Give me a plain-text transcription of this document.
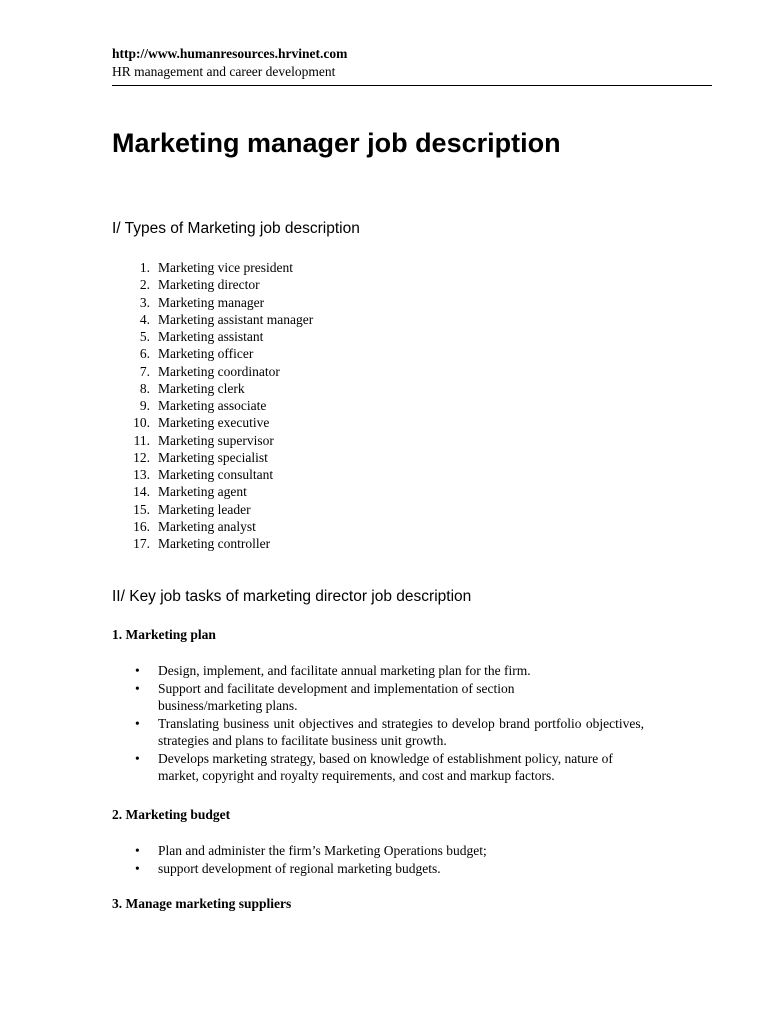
http://www.humanresources.hrvinet.com
HR management and career development
Marketing manager job description
I/ Types of Marketing job description
1. Marketing vice president
2. Marketing director
3. Marketing manager
4. Marketing assistant manager
5. Marketing assistant
6. Marketing officer
7. Marketing coordinator
8. Marketing clerk
9. Marketing associate
10. Marketing executive
11. Marketing supervisor
12. Marketing specialist
13. Marketing consultant
14. Marketing agent
15. Marketing leader
16. Marketing analyst
17. Marketing controller
II/ Key job tasks of marketing director job description
1. Marketing plan
• Design, implement, and facilitate annual marketing plan for the firm.
• Support and facilitate development and implementation of section business/marketing plans.
• Translating business unit objectives and strategies to develop brand portfolio objectives, strategies and plans to facilitate business unit growth.
• Develops marketing strategy, based on knowledge of establishment policy, nature of market, copyright and royalty requirements, and cost and markup factors.
2. Marketing budget
• Plan and administer the firm’s Marketing Operations budget;
• support development of regional marketing budgets.
3. Manage marketing suppliers
